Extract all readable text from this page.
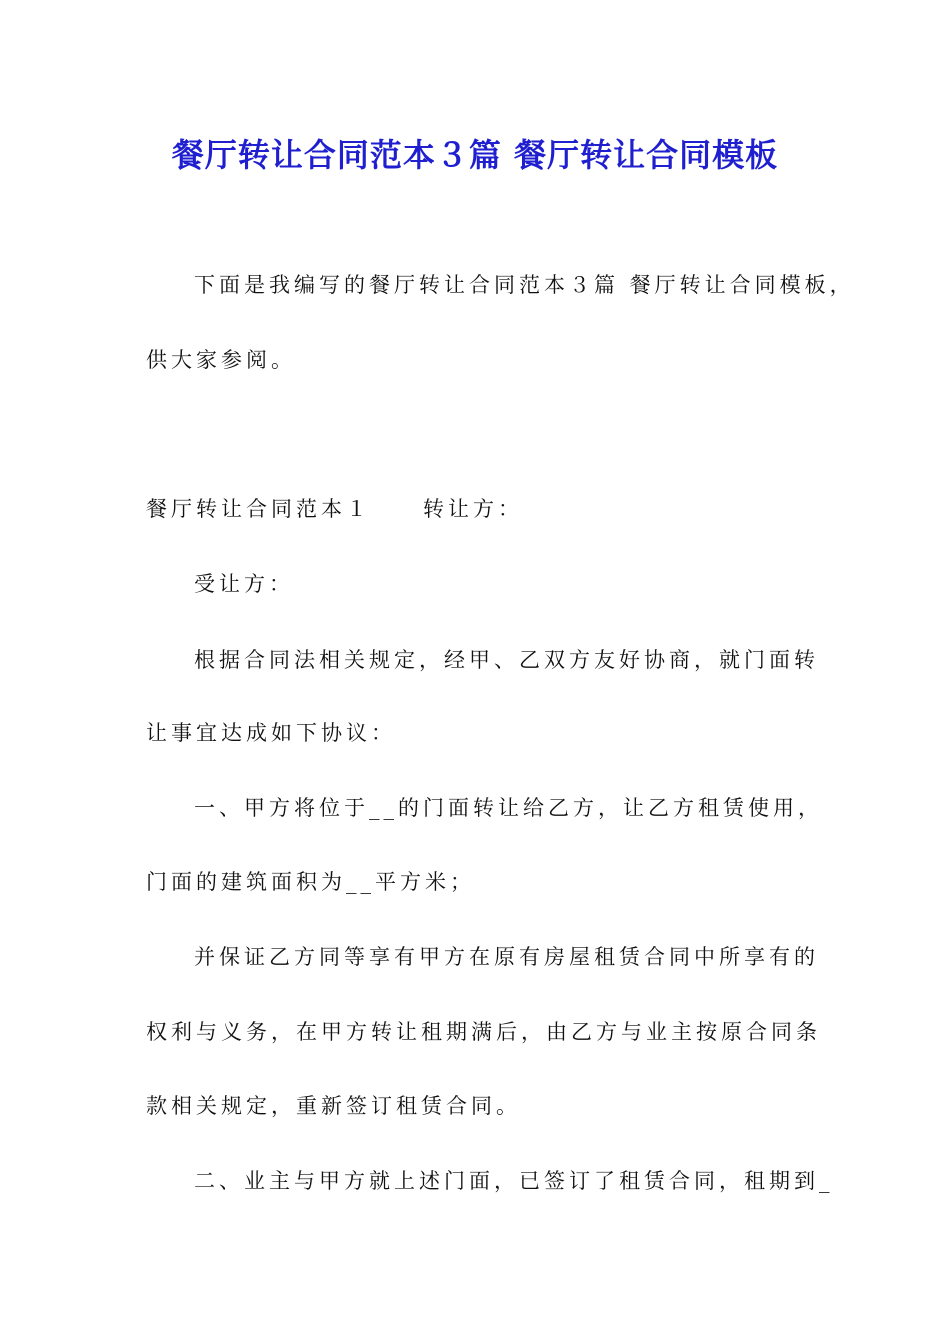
餐厅转让合同范本３篇 餐厅转让合同模板
下面是我编写的餐厅转让合同范本３篇 餐厅转让合同模板，
供大家参阅。
餐厅转让合同范本１ 转让方：
受让方：
根据合同法相关规定，经甲、乙双方友好协商，就门面转
让事宜达成如下协议：
一、甲方将位于__的门面转让给乙方，让乙方租赁使用，
门面的建筑面积为__平方米；
并保证乙方同等享有甲方在原有房屋租赁合同中所享有的
权利与义务，在甲方转让租期满后，由乙方与业主按原合同条
款相关规定，重新签订租赁合同。
二、业主与甲方就上述门面，已签订了租赁合同，租期到_
